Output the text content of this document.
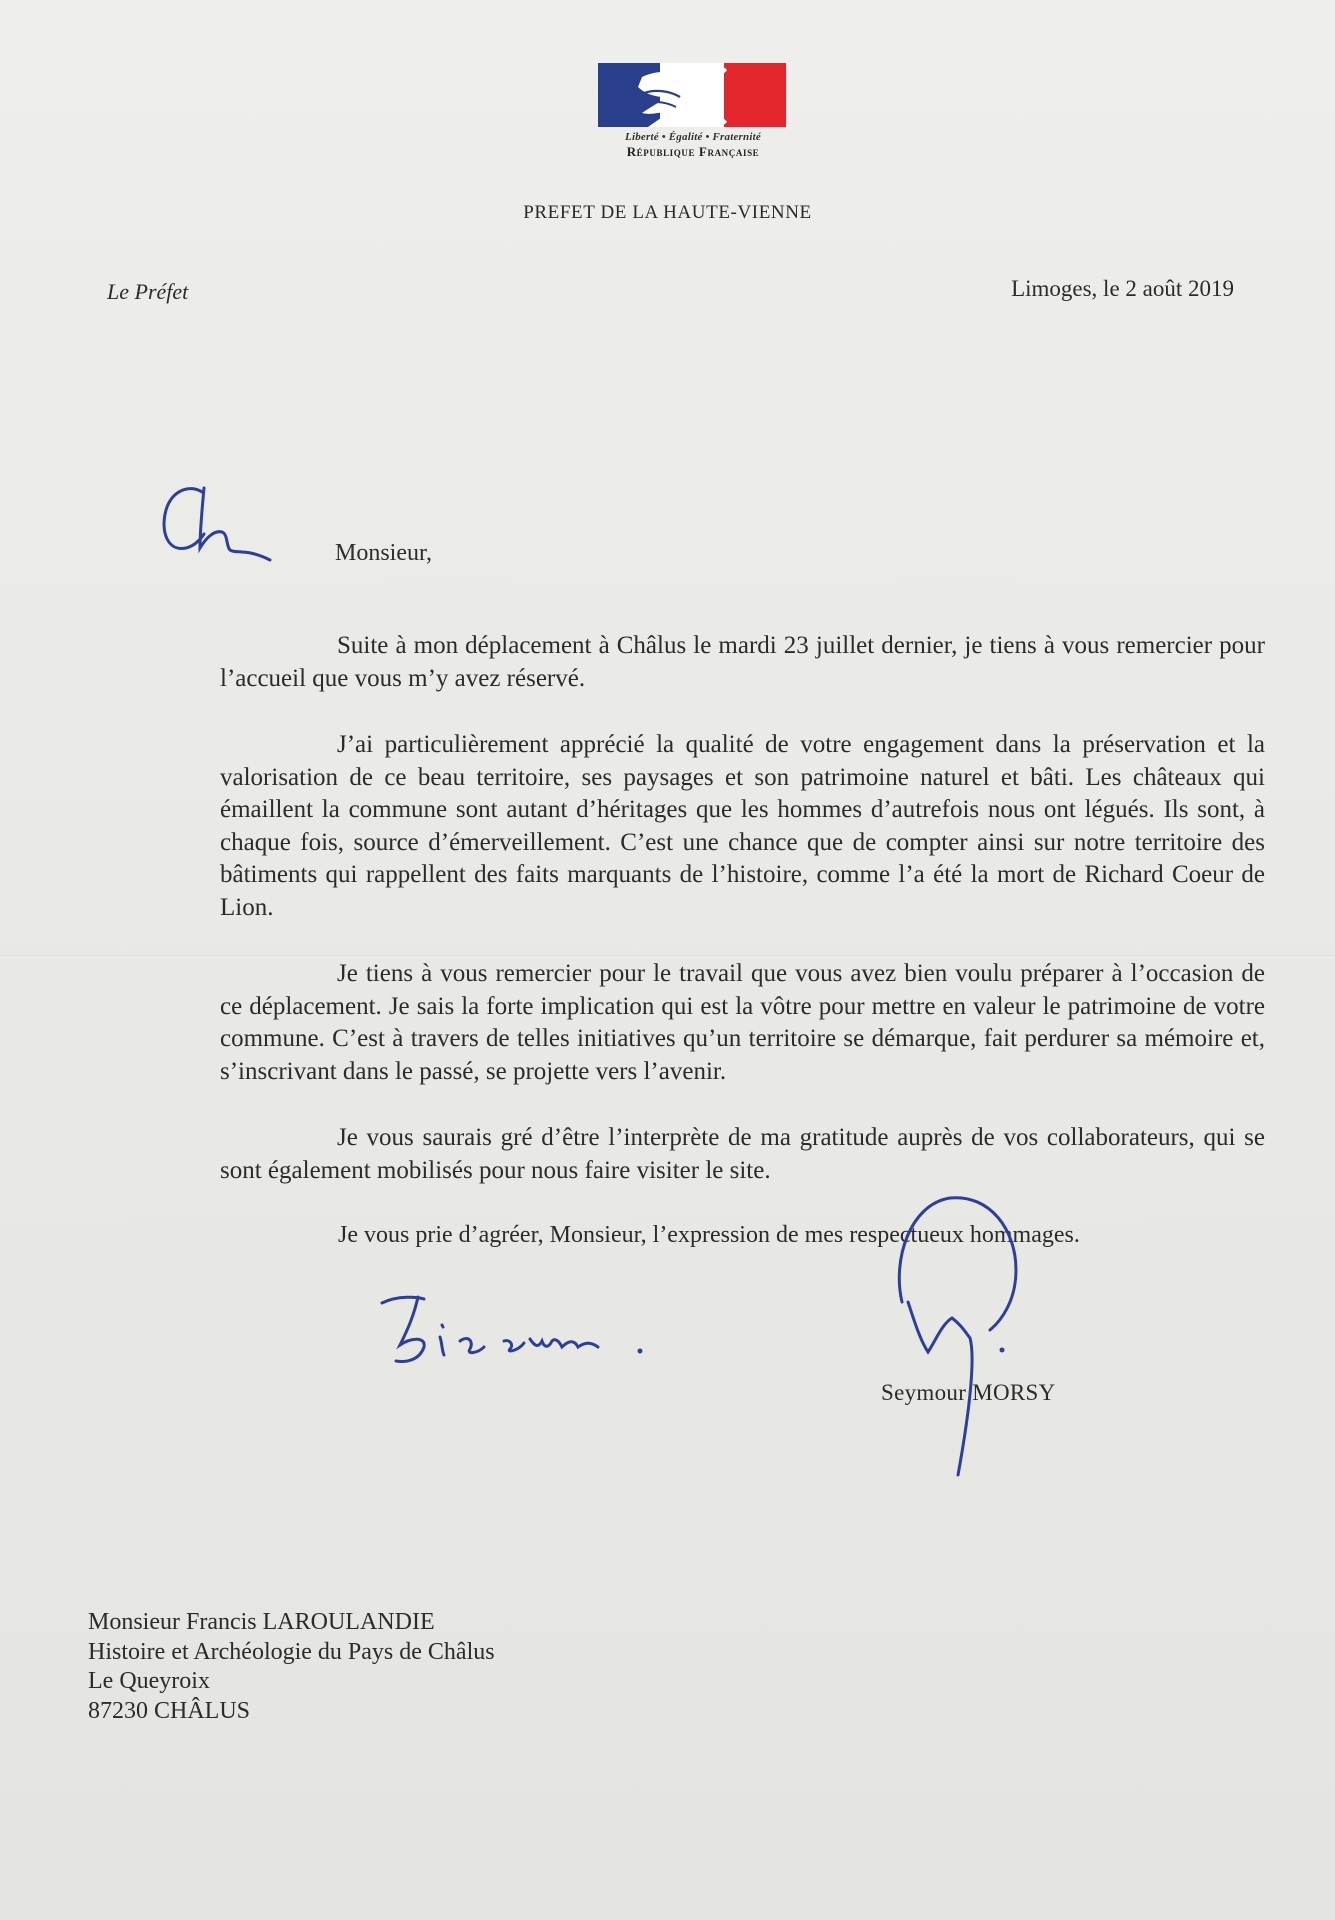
Liberté • Égalité • Fraternité
République Française
PREFET DE LA HAUTE-VIENNE
Le Préfet	Limoges, le 2 août 2019
Monsieur,

Suite à mon déplacement à Châlus le mardi 23 juillet dernier, je tiens à vous remercier pour l’accueil que vous m’y avez réservé.

J’ai particulièrement apprécié la qualité de votre engagement dans la préservation et la valorisation de ce beau territoire, ses paysages et son patrimoine naturel et bâti. Les châteaux qui émaillent la commune sont autant d’héritages que les hommes d’autrefois nous ont légués. Ils sont, à chaque fois, source d’émerveillement. C’est une chance que de compter ainsi sur notre territoire des bâtiments qui rappellent des faits marquants de l’histoire, comme l’a été la mort de Richard Coeur de Lion.

Je tiens à vous remercier pour le travail que vous avez bien voulu préparer à l’occasion de ce déplacement. Je sais la forte implication qui est la vôtre pour mettre en valeur le patrimoine de votre commune. C’est à travers de telles initiatives qu’un territoire se démarque, fait perdurer sa mémoire et, s’inscrivant dans le passé, se projette vers l’avenir.

Je vous saurais gré d’être l’interprète de ma gratitude auprès de vos collaborateurs, qui se sont également mobilisés pour nous faire visiter le site.

Je vous prie d’agréer, Monsieur, l’expression de mes respectueux hommages.
Seymour MORSY
Monsieur Francis LAROULANDIE
Histoire et Archéologie du Pays de Châlus
Le Queyroix
87230 CHÂLUS
